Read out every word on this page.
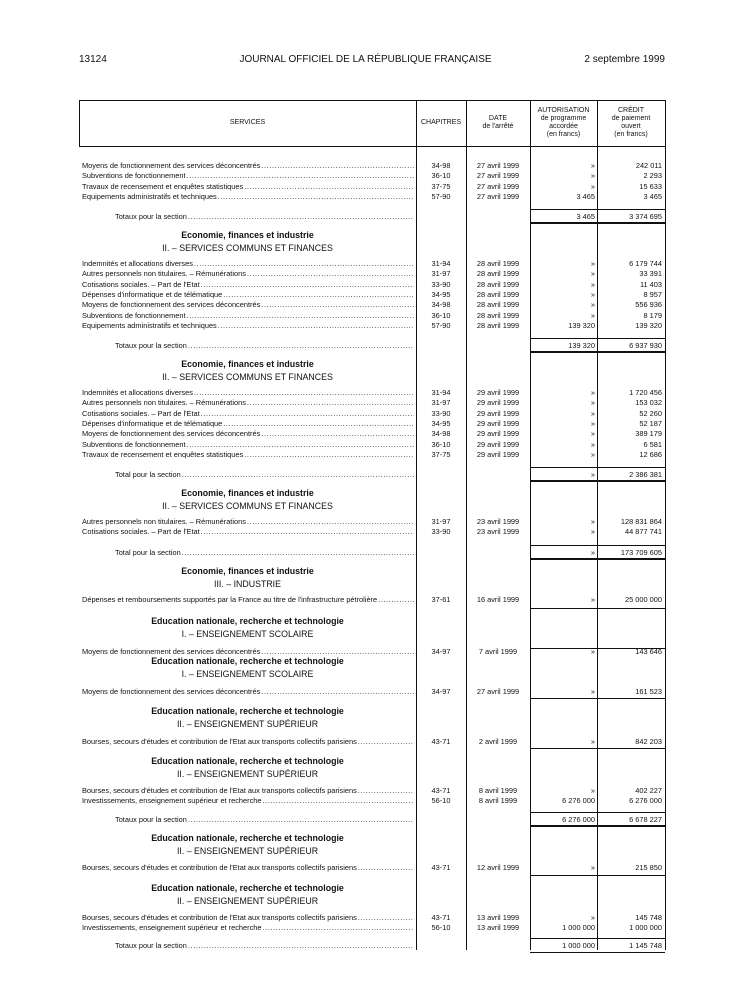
13124	JOURNAL OFFICIEL DE LA RÉPUBLIQUE FRANÇAISE	2 septembre 1999
SERVICES	CHAPITRES
DATE
de l'arrêté
AUTORISATION
de programme
accordée
(en francs)
CRÉDIT
de paiement
ouvert
(en francs)
Moyens de fonctionnement des services déconcentrés .....	34-98	27 avril 1999	»	242 011
Subventions de fonctionnement .....	36-10	27 avril 1999	»	2 293
Travaux de recensement et enquêtes statistiques .....	37-75	27 avril 1999	»	15 633
Equipements administratifs et techniques .....	57-90	27 avril 1999	3 465	3 465
Totaux pour la section .....	3 465	3 374 695
Economie, finances et industrie
II. – SERVICES COMMUNS ET FINANCES
Indemnités et allocations diverses .....	31-94	28 avril 1999	»	6 179 744
Autres personnels non titulaires. – Rémunérations .....	31-97	28 avril 1999	»	33 391
Cotisations sociales. – Part de l'Etat .....	33-90	28 avril 1999	»	11 403
Dépenses d'informatique et de télématique .....	34-95	28 avril 1999	»	8 957
Moyens de fonctionnement des services déconcentrés .....	34-98	28 avril 1999	»	556 936
Subventions de fonctionnement .....	36-10	28 avril 1999	»	8 179
Equipements administratifs et techniques .....	57-90	28 avril 1999	139 320	139 320
Totaux pour la section .....	139 320	6 937 930
Economie, finances et industrie
II. – SERVICES COMMUNS ET FINANCES
Indemnités et allocations diverses .....	31-94	29 avril 1999	»	1 720 456
Autres personnels non titulaires. – Rémunérations .....	31-97	29 avril 1999	»	153 032
Cotisations sociales. – Part de l'Etat .....	33-90	29 avril 1999	»	52 260
Dépenses d'informatique et de télématique .....	34-95	29 avril 1999	»	52 187
Moyens de fonctionnement des services déconcentrés .....	34-98	29 avril 1999	»	389 179
Subventions de fonctionnement .....	36-10	29 avril 1999	»	6 581
Travaux de recensement et enquêtes statistiques .....	37-75	29 avril 1999	»	12 686
Total pour la section .....	»	2 386 381
Economie, finances et industrie
II. – SERVICES COMMUNS ET FINANCES
Autres personnels non titulaires. – Rémunérations .....	31-97	23 avril 1999	»	128 831 864
Cotisations sociales. – Part de l'Etat .....	33-90	23 avril 1999	»	44 877 741
Total pour la section .....	»	173 709 605
Economie, finances et industrie
III. – INDUSTRIE
Dépenses et remboursements supportés par la France au titre de l'infrastructure pétrolière .....	37-61	16 avril 1999	»	25 000 000
Education nationale, recherche et technologie
I. – ENSEIGNEMENT SCOLAIRE
Moyens de fonctionnement des services déconcentrés .....	34-97	7 avril 1999	»	143 646
Education nationale, recherche et technologie
I. – ENSEIGNEMENT SCOLAIRE
Moyens de fonctionnement des services déconcentrés .....	34-97	27 avril 1999	»	161 523
Education nationale, recherche et technologie
II. – ENSEIGNEMENT SUPÉRIEUR
Bourses, secours d'études et contribution de l'Etat aux transports collectifs parisiens .....	43-71	2 avril 1999	»	842 203
Education nationale, recherche et technologie
II. – ENSEIGNEMENT SUPÉRIEUR
Bourses, secours d'études et contribution de l'Etat aux transports collectifs parisiens .....	43-71	8 avril 1999	»	402 227
Investissements, enseignement supérieur et recherche .....	56-10	8 avril 1999	6 276 000	6 276 000
Totaux pour la section .....	6 276 000	6 678 227
Education nationale, recherche et technologie
II. – ENSEIGNEMENT SUPÉRIEUR
Bourses, secours d'études et contribution de l'Etat aux transports collectifs parisiens .....	43-71	12 avril 1999	»	215 850
Education nationale, recherche et technologie
II. – ENSEIGNEMENT SUPÉRIEUR
Bourses, secours d'études et contribution de l'Etat aux transports collectifs parisiens .....	43-71	13 avril 1999	»	145 748
Investissements, enseignement supérieur et recherche .....	56-10	13 avril 1999	1 000 000	1 000 000
Totaux pour la section .....	1 000 000	1 145 748
